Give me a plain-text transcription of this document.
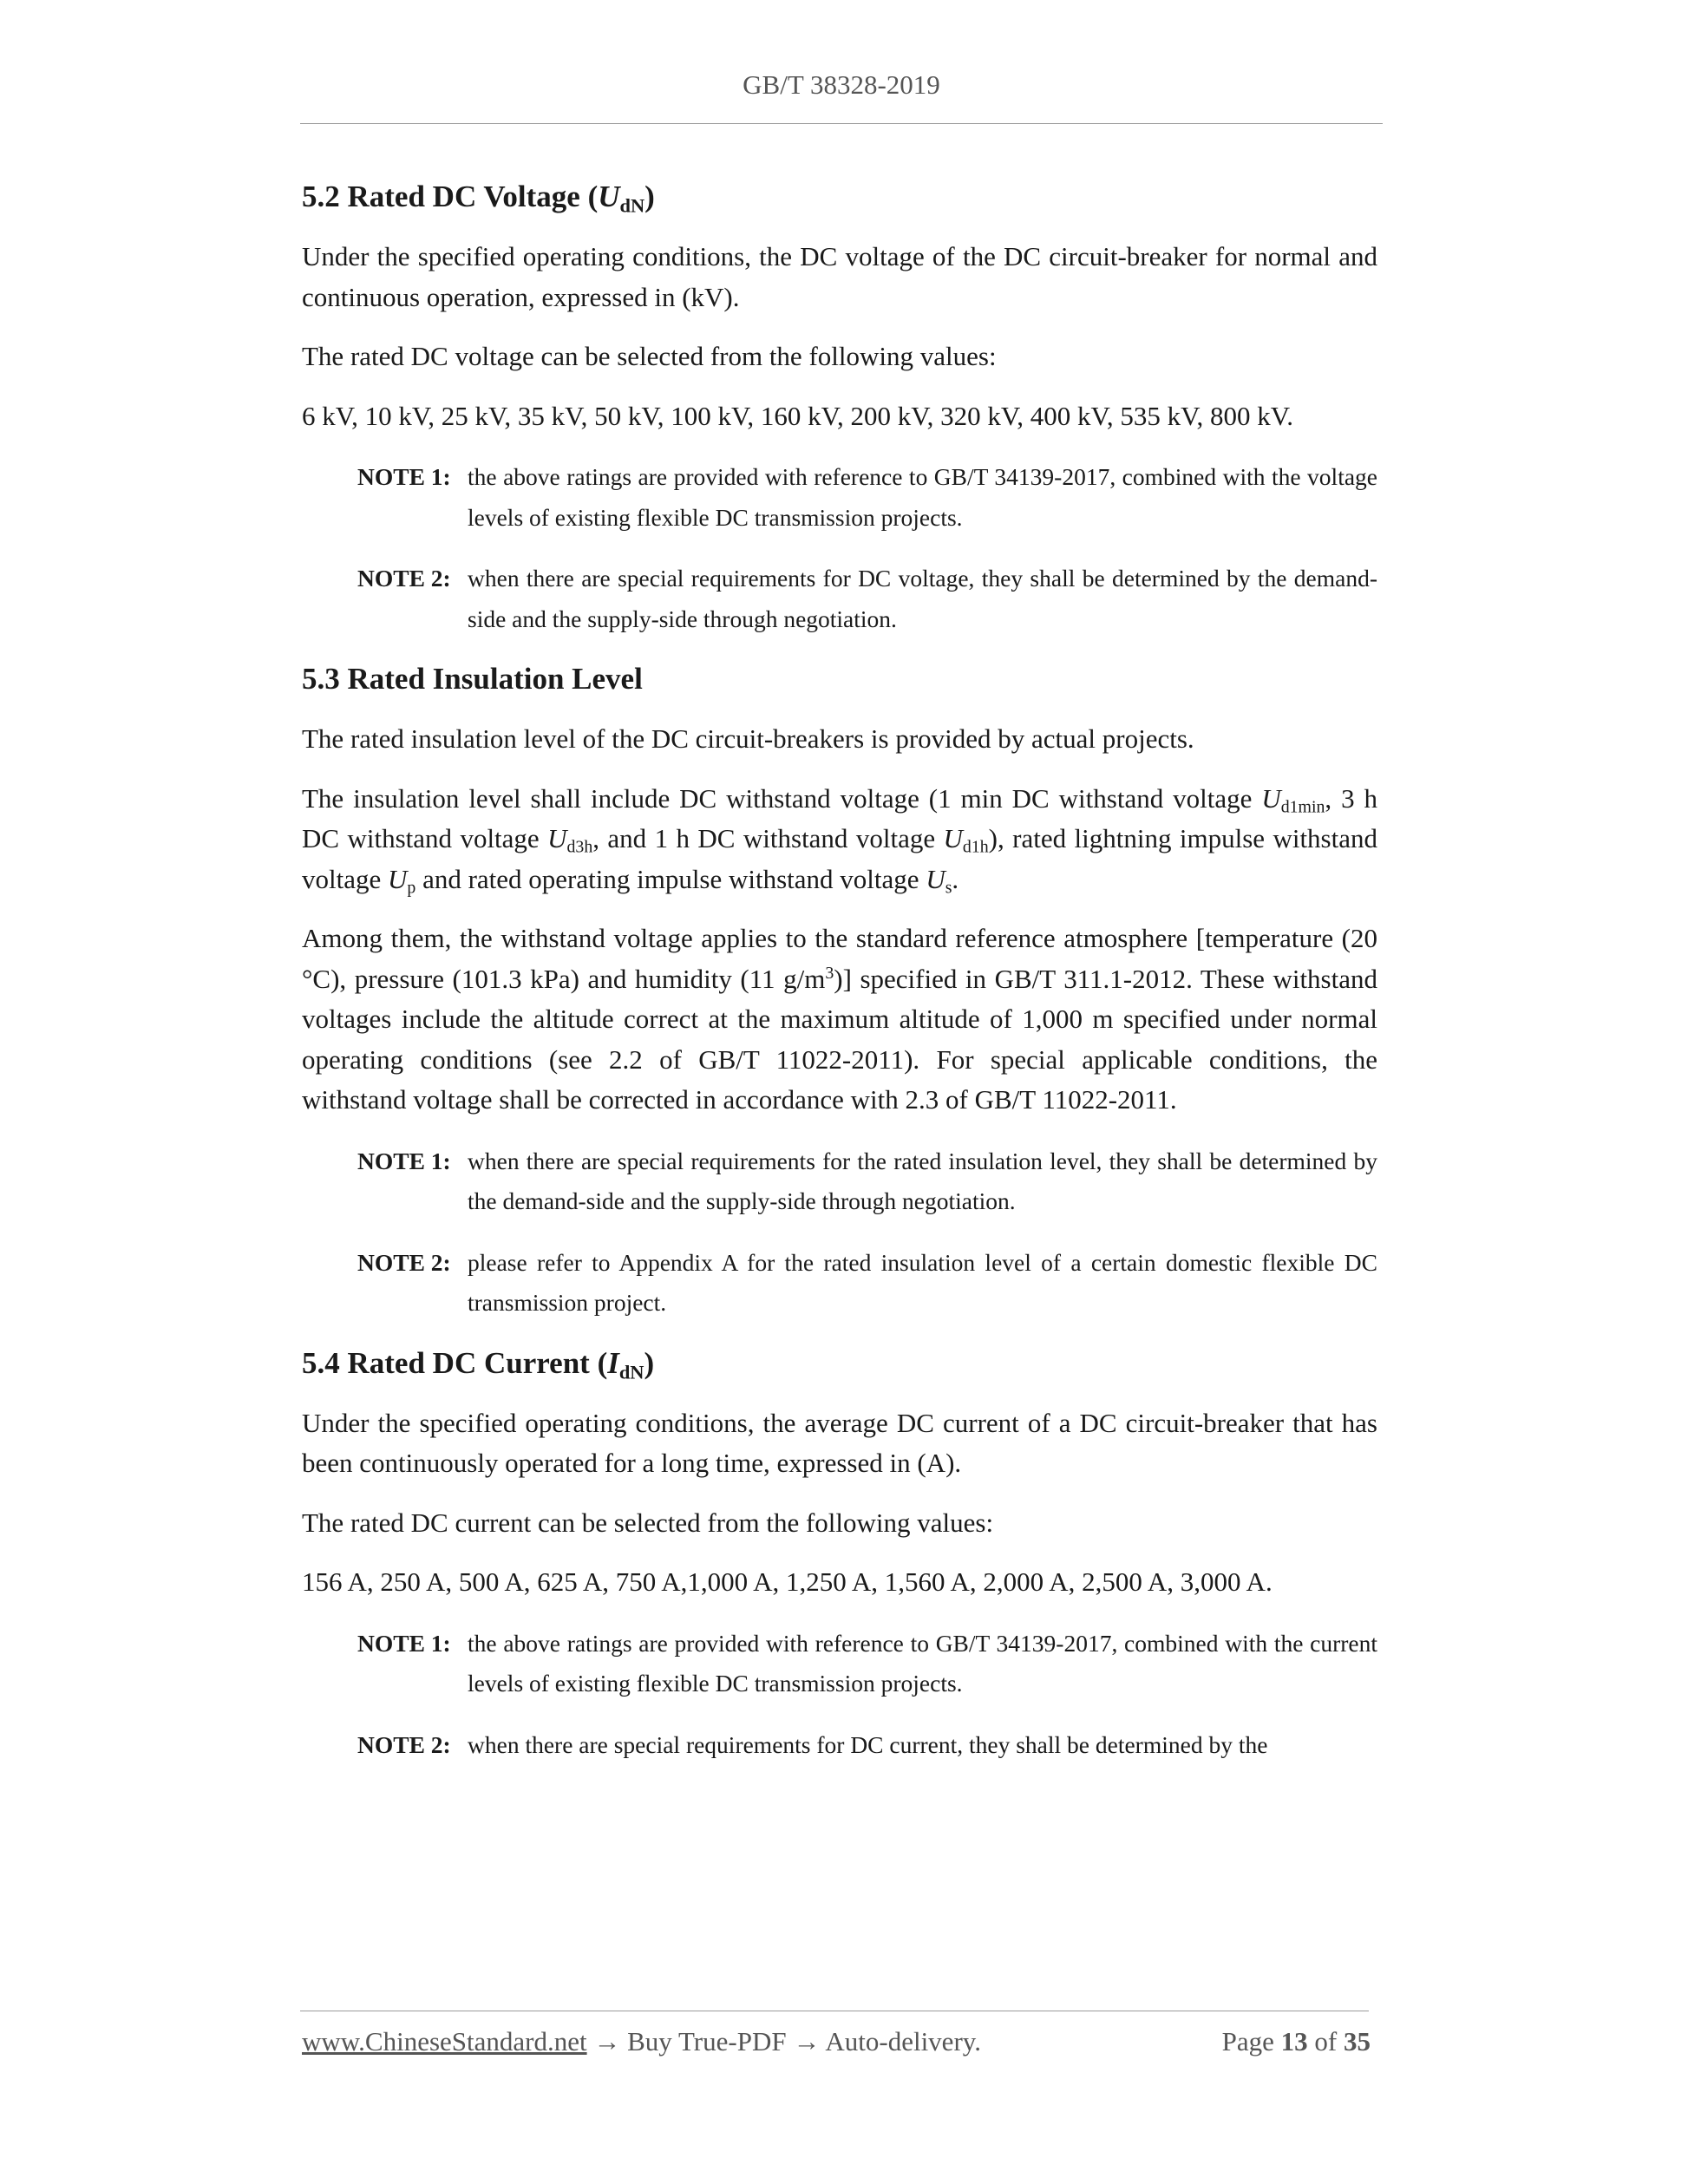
GB/T 38328-2019
5.2 Rated DC Voltage $(U_{dN})$

Under the specified operating conditions, the DC voltage of the DC circuit-breaker for normal and continuous operation, expressed in (kV).

The rated DC voltage can be selected from the following values:

6 kV, 10 kV, 25 kV, 35 kV, 50 kV, 100 kV, 160 kV, 200 kV, 320 kV, 400 kV, 535 kV, 800 kV.

NOTE 1: the above ratings are provided with reference to GB/T 34139-2017, combined with the voltage levels of existing flexible DC transmission projects.
NOTE 2: when there are special requirements for DC voltage, they shall be determined by the demand-side and the supply-side through negotiation.
5.3 Rated Insulation Level

The rated insulation level of the DC circuit-breakers is provided by actual projects.

The insulation level shall include DC withstand voltage (1 min DC withstand voltage $U_{d1min}$, 3 h DC withstand voltage $U_{d3h}$, and 1 h DC withstand voltage $U_{d1h}$), rated lightning impulse withstand voltage $U_p$ and rated operating impulse withstand voltage $U_s$.

Among them, the withstand voltage applies to the standard reference atmosphere [temperature (20 °C), pressure (101.3 kPa) and humidity (11 $g/m^3$)] specified in GB/T 311.1-2012. These withstand voltages include the altitude correct at the maximum altitude of 1,000 m specified under normal operating conditions (see 2.2 of GB/T 11022-2011). For special applicable conditions, the withstand voltage shall be corrected in accordance with 2.3 of GB/T 11022-2011.

NOTE 1: when there are special requirements for the rated insulation level, they shall be determined by the demand-side and the supply-side through negotiation.
NOTE 2: please refer to Appendix A for the rated insulation level of a certain domestic flexible DC transmission project.
5.4 Rated DC Current $(I_{dN})$

Under the specified operating conditions, the average DC current of a DC circuit-breaker that has been continuously operated for a long time, expressed in (A).

The rated DC current can be selected from the following values:

156 A, 250 A, 500 A, 625 A, 750 A,1,000 A, 1,250 A, 1,560 A, 2,000 A, 2,500 A, 3,000 A.

NOTE 1: the above ratings are provided with reference to GB/T 34139-2017, combined with the current levels of existing flexible DC transmission projects.
NOTE 2: when there are special requirements for DC current, they shall be determined by the
www.ChineseStandard.net → Buy True-PDF → Auto-delivery.	Page 13 of 35
